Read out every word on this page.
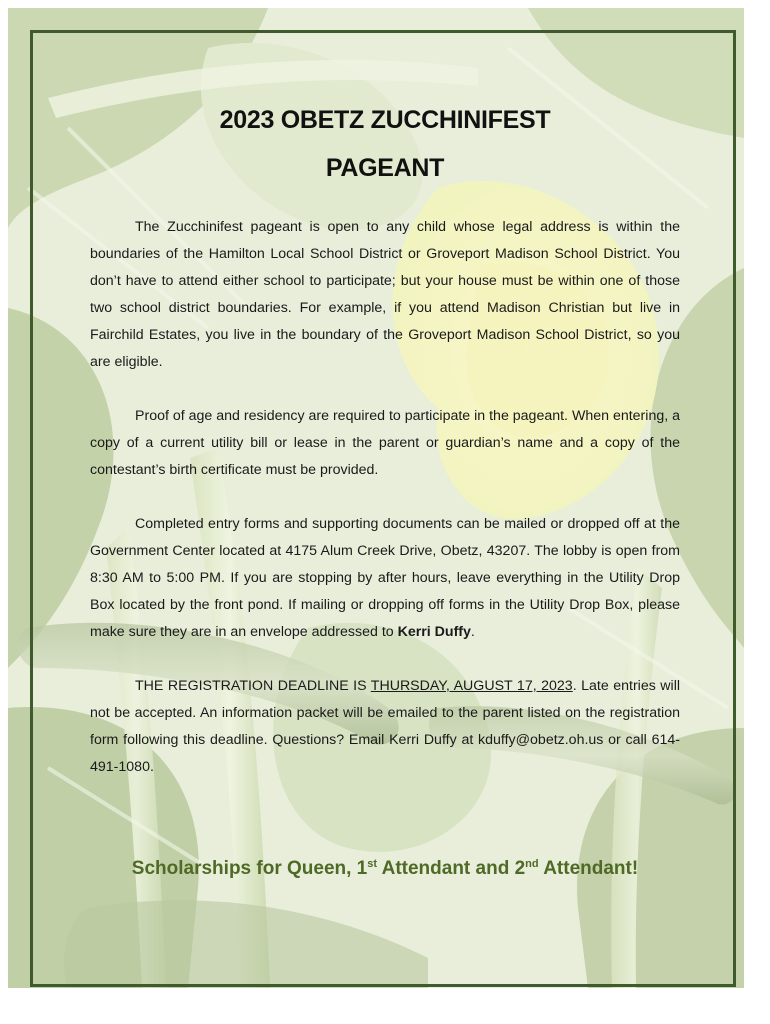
2023 OBETZ ZUCCHINIFEST
PAGEANT

The Zucchinifest pageant is open to any child whose legal address is within the boundaries of the Hamilton Local School District or Groveport Madison School District. You don’t have to attend either school to participate; but your house must be within one of those two school district boundaries. For example, if you attend Madison Christian but live in Fairchild Estates, you live in the boundary of the Groveport Madison School District, so you are eligible.

Proof of age and residency are required to participate in the pageant. When entering, a copy of a current utility bill or lease in the parent or guardian’s name and a copy of the contestant’s birth certificate must be provided.

Completed entry forms and supporting documents can be mailed or dropped off at the Government Center located at 4175 Alum Creek Drive, Obetz, 43207. The lobby is open from 8:30 AM to 5:00 PM. If you are stopping by after hours, leave everything in the Utility Drop Box located by the front pond. If mailing or dropping off forms in the Utility Drop Box, please make sure they are in an envelope addressed to Kerri Duffy.

THE REGISTRATION DEADLINE IS THURSDAY, AUGUST 17, 2023. Late entries will not be accepted. An information packet will be emailed to the parent listed on the registration form following this deadline. Questions? Email Kerri Duffy at kduffy@obetz.oh.us or call 614-491-1080.

Scholarships for Queen, 1st Attendant and 2nd Attendant!
